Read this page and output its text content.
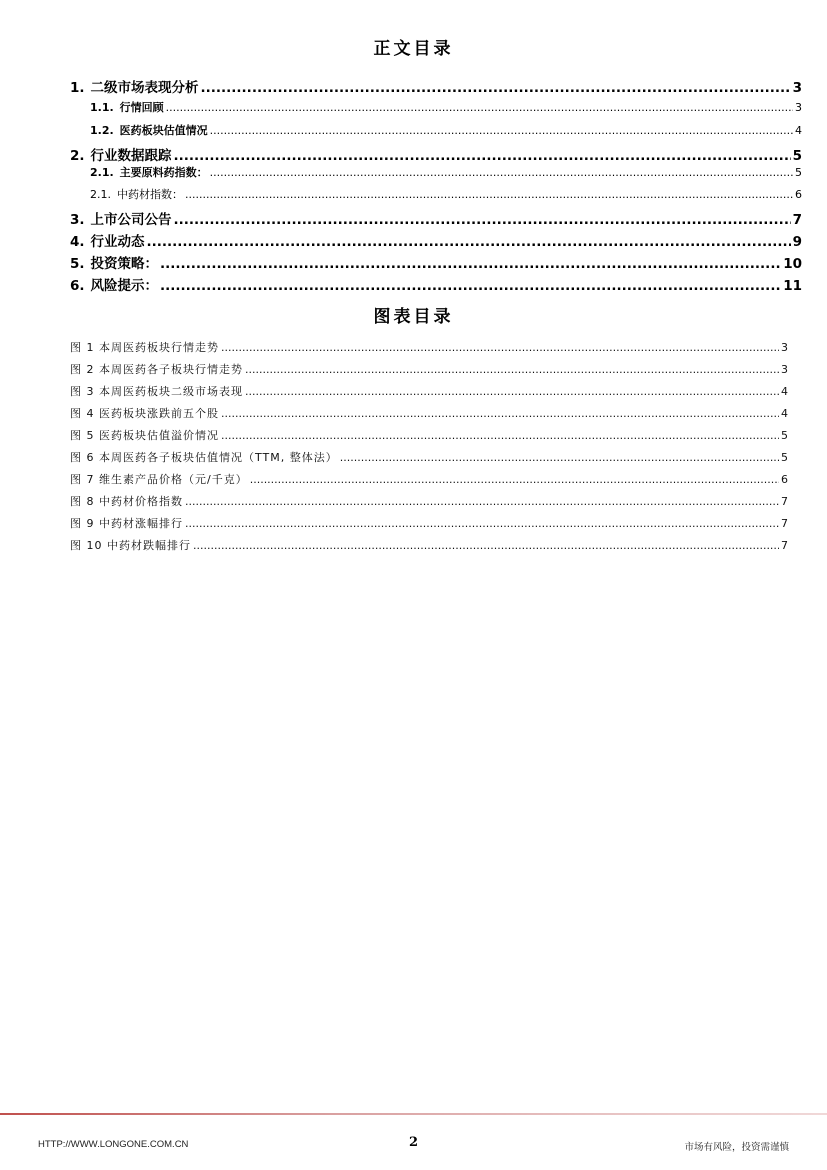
正文目录
1. 二级市场表现分析 .....	3
1.1. 行情回顾 .....	3
1.2. 医药板块估值情况 .....	4
2. 行业数据跟踪 .....	5
2.1. 主要原料药指数： .....	5
2.1. 中药材指数： .....	6
3. 上市公司公告 .....	7
4. 行业动态 .....	9
5. 投资策略： .....	10
6. 风险提示： .....	11
图表目录
图 1 本周医药板块行情走势 .....	3
图 2 本周医药各子板块行情走势 .....	3
图 3 本周医药板块二级市场表现 .....	4
图 4 医药板块涨跌前五个股 .....	4
图 5 医药板块估值溢价情况 .....	5
图 6 本周医药各子板块估值情况（TTM, 整体法） .....	5
图 7 维生素产品价格（元/千克） .....	6
图 8 中药材价格指数 .....	7
图 9 中药材涨幅排行 .....	7
图 10 中药材跌幅排行 .....	7
HTTP://WWW.LONGONE.COM.CN	2	市场有风险，投资需谨慎
